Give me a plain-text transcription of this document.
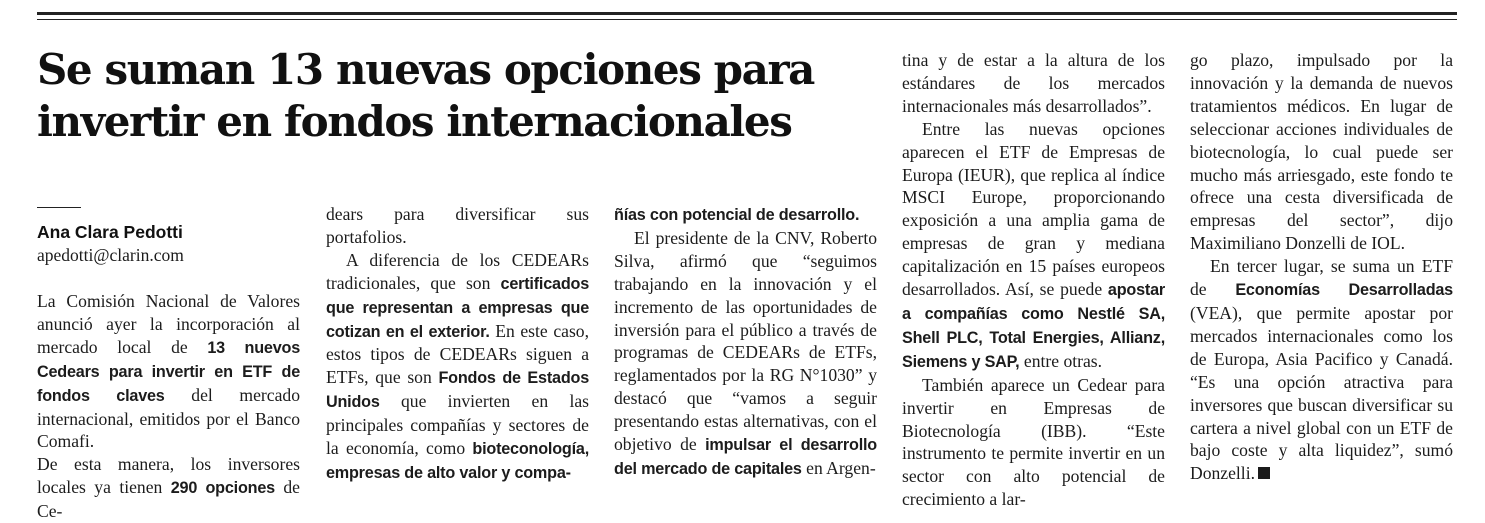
Se suman 13 nuevas opciones para invertir en fondos internacionales

Ana Clara Pedotti

apedotti@clarin.com

La Comisión Nacional de Valores anunció ayer la incorporación al mercado local de 13 nuevos Cedears para invertir en ETF de fondos claves del mercado internacional, emitidos por el Banco Comafi.

De esta manera, los inversores locales ya tienen 290 opciones de Ce-

dears para diversificar sus portafolios.

A diferencia de los CEDEARs tradicionales, que son certificados que representan a empresas que cotizan en el exterior. En este caso, estos tipos de CEDEARs siguen a ETFs, que son Fondos de Estados Unidos que invierten en las principales compañías y sectores de la economía, como bioteconología, empresas de alto valor y compa-

ñías con potencial de desarrollo.

El presidente de la CNV, Roberto Silva, afirmó que “seguimos trabajando en la innovación y el incremento de las oportunidades de inversión para el público a través de programas de CEDEARs de ETFs, reglamentados por la RG N°1030” y destacó que “vamos a seguir presentando estas alternativas, con el objetivo de impulsar el desarrollo del mercado de capitales en Argen-

tina y de estar a la altura de los estándares de los mercados internacionales más desarrollados”.

Entre las nuevas opciones aparecen el ETF de Empresas de Europa (IEUR), que replica al índice MSCI Europe, proporcionando exposición a una amplia gama de empresas de gran y mediana capitalización en 15 países europeos desarrollados. Así, se puede apostar a compañías como Nestlé SA, Shell PLC, Total Energies, Allianz, Siemens y SAP, entre otras.

También aparece un Cedear para invertir en Empresas de Biotecnología (IBB). “Este instrumento te permite invertir en un sector con alto potencial de crecimiento a lar-

go plazo, impulsado por la innovación y la demanda de nuevos tratamientos médicos. En lugar de seleccionar acciones individuales de biotecnología, lo cual puede ser mucho más arriesgado, este fondo te ofrece una cesta diversificada de empresas del sector”, dijo Maximiliano Donzelli de IOL.

En tercer lugar, se suma un ETF de Economías Desarrolladas (VEA), que permite apostar por mercados internacionales como los de Europa, Asia Pacifico y Canadá. “Es una opción atractiva para inversores que buscan diversificar su cartera a nivel global con un ETF de bajo coste y alta liquidez”, sumó Donzelli.
